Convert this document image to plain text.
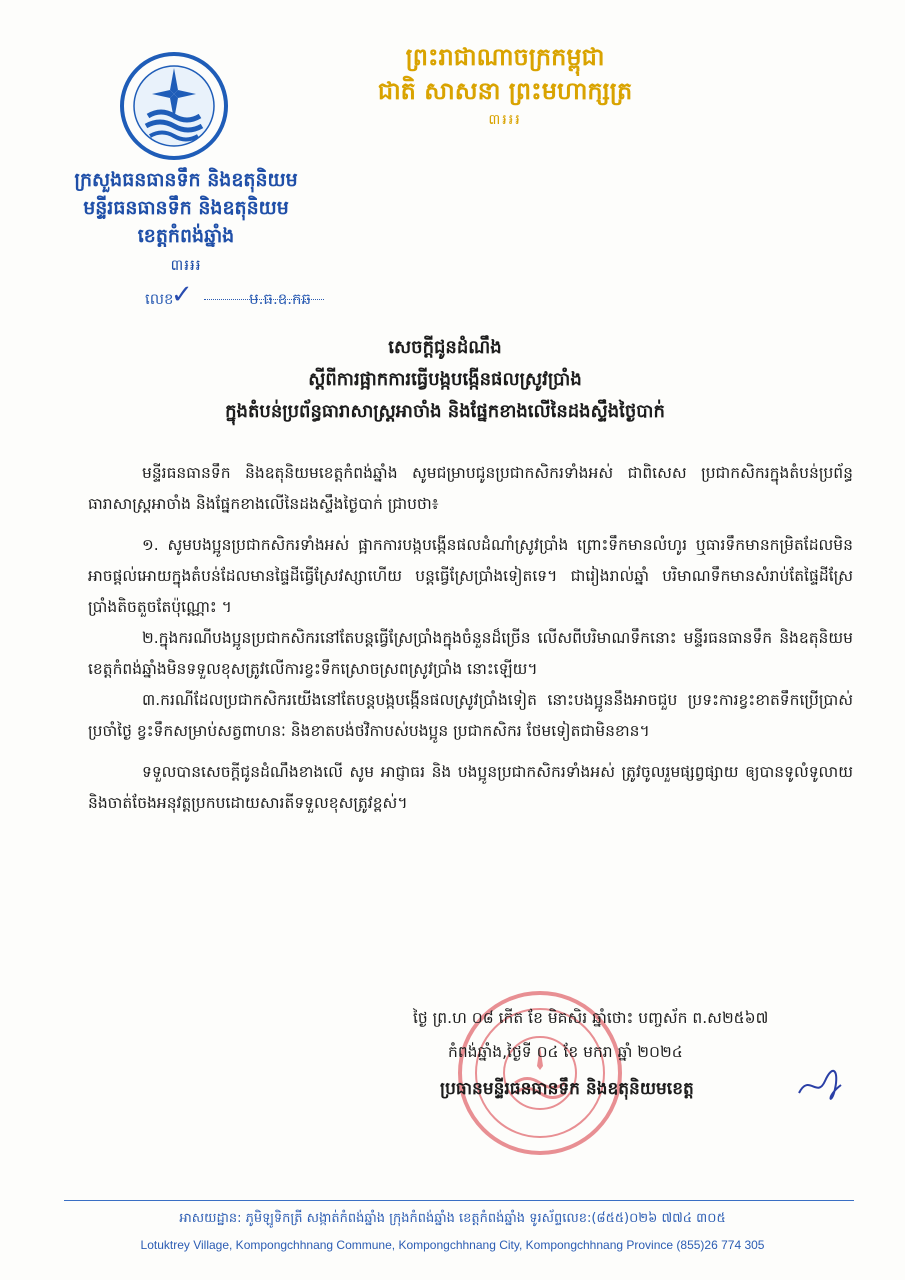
ព្រះរាជាណាចក្រកម្ពុជា
ជាតិ សាសនា ព្រះមហាក្សត្រ
៣៛៛៛
ក្រសួងធនធានទឹក និងឧតុនិយម
មន្ទីរធនធានទឹក និងឧតុនិយម
ខេត្តកំពង់ឆ្នាំង
៣៛៛៛
លេខ	ម.ធ.ឧ.កឆ
✓
សេចក្តីជូនដំណឹង
ស្តីពីការផ្អាកការធ្វើបង្កបង្កើនផលស្រូវប្រាំង
ក្នុងតំបន់ប្រព័ន្ធធារាសាស្ត្រអាចាំង និងផ្នែកខាងលើនៃដងស្ទឹងថ្ងៃបាក់

មន្ទីរធនធានទឹក និងឧតុនិយមខេត្តកំពង់ឆ្នាំង សូមជម្រាបជូនប្រជាកសិករទាំងអស់ ជាពិសេស ប្រជាកសិករក្នុងតំបន់ប្រព័ន្ធ ធារាសាស្ត្រអាចាំង និងផ្នែកខាងលើនៃដងស្ទឹងថ្ងៃបាក់ ជ្រាបថា៖

១. សូមបងប្អូនប្រជាកសិករទាំងអស់ ផ្អាកការបង្កបង្កើនផលដំណាំស្រូវប្រាំង ព្រោះទឹកមានលំហូរ ឬធារទឹកមានកម្រិតដែលមិនអាចផ្តល់អោយក្នុងតំបន់ដែលមានផ្ទៃដីធ្វើស្រែវស្សាហើយ បន្តធ្វើស្រែប្រាំងទៀតទេ។ ជារៀងរាល់ឆ្នាំ បរិមាណទឹកមានសំរាប់តែផ្ទៃដីស្រែប្រាំងតិចតួចតែប៉ុណ្ណោះ ។

២.ក្នុងករណីបងប្អូនប្រជាកសិករនៅតែបន្តធ្វើស្រែប្រាំងក្នុងចំនួនដ៏ច្រើន លើសពីបរិមាណទឹកនោះ មន្ទីរធនធានទឹក និងឧតុនិយមខេត្តកំពង់ឆ្នាំងមិនទទួលខុសត្រូវលើការខ្វះទឹកស្រោចស្រពស្រូវប្រាំង នោះឡើយ។

៣.ករណីដែលប្រជាកសិករយើងនៅតែបន្តបង្កបង្កើនផលស្រូវប្រាំងទៀត នោះបងប្អូននឹងអាចជួប ប្រទះការខ្វះខាតទឹកប្រើប្រាស់ប្រចាំថ្ងៃ ខ្វះទឹកសម្រាប់សត្វពាហនៈ និងខាតបង់ថវិកាបស់បងប្អូន ប្រជាកសិករ ថែមទៀតជាមិនខាន។

ទទួលបានសេចក្តីជូនដំណឹងខាងលើ សូម អាជ្ញាធរ និង បងប្អូនប្រជាកសិករទាំងអស់ ត្រូវចូលរួមផ្សព្វផ្សាយ ឲ្យបានទូលំទូលាយ និងចាត់ចែងអនុវត្តប្រកបដោយសារតីទទួលខុសត្រូវខ្ពស់។

ថ្ងៃ ព្រ.ហ ០៨ កើត ខែ មិគសិរ ឆ្នាំថោះ បញ្ចស័ក ព.ស២៥៦៧
កំពង់ឆ្នាំង,ថ្ងៃទី ០៤ ខែ មករា ឆ្នាំ ២០២៤
ប្រធានមន្ទីរធនធានទឹក និងឧតុនិយមខេត្ត
អាសយដ្ឋាន: ភូមិឡូទិកត្រី សង្កាត់កំពង់ឆ្នាំង ក្រុងកំពង់ឆ្នាំង ខេត្តកំពង់ឆ្នាំង ទូរស័ព្ទលេខ:(៨៥៥)០២៦ ៧៧៤ ៣០៥
Lotuktrey Village, Kompongchhnang Commune, Kompongchhnang City, Kompongchhnang Province (855)26 774 305
